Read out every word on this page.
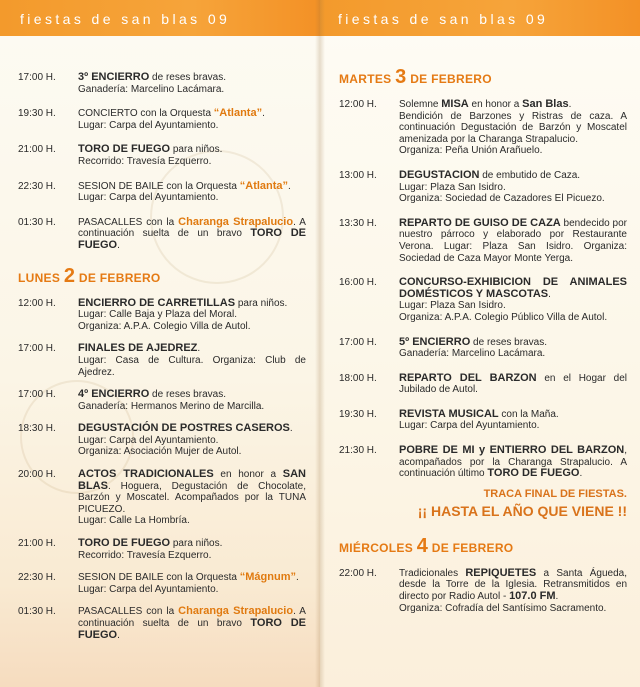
fiestas de san blas 09
17:00 H.	3º ENCIERRO de reses bravas.
Ganadería: Marcelino Lacámara.
19:30 H.	CONCIERTO con la Orquesta “Atlanta”.
Lugar: Carpa del Ayuntamiento.
21:00 H.	TORO DE FUEGO para niños.
Recorrido: Travesía Ezquerro.
22:30 H.	SESION DE BAILE con la Orquesta “Atlanta”.
Lugar: Carpa del Ayuntamiento.
01:30 H.	PASACALLES con la Charanga Strapalucio. A continuación suelta de un bravo TORO DE FUEGO.
LUNES 2 DE FEBRERO
12:00 H.	ENCIERRO DE CARRETILLAS para niños.
Lugar: Calle Baja y Plaza del Moral.
Organiza: A.P.A. Colegio Villa de Autol.
17:00 H.	FINALES DE AJEDREZ.
Lugar: Casa de Cultura. Organiza: Club de Ajedrez.
17:00 H.	4º ENCIERRO de reses bravas.
Ganadería: Hermanos Merino de Marcilla.
18:30 H.	DEGUSTACIÓN DE POSTRES CASEROS.
Lugar: Carpa del Ayuntamiento.
Organiza: Asociación Mujer de Autol.
20:00 H.	ACTOS TRADICIONALES en honor a SAN BLAS. Hoguera, Degustación de Chocolate, Barzón y Moscatel. Acompañados por la TUNA PICUEZO.
Lugar: Calle La Hombría.
21:00 H.	TORO DE FUEGO para niños.
Recorrido: Travesía Ezquerro.
22:30 H.	SESION DE BAILE con la Orquesta “Mágnum”.
Lugar: Carpa del Ayuntamiento.
01:30 H.	PASACALLES con la Charanga Strapalucio. A continuación suelta de un bravo TORO DE FUEGO.
fiestas de san blas 09
MARTES 3 DE FEBRERO
12:00 H.	Solemne MISA en honor a San Blas.
Bendición de Barzones y Ristras de caza. A continuación Degustación de Barzón y Moscatel amenizada por la Charanga Strapalucio.
Organiza: Peña Unión Arañuelo.
13:00 H.	DEGUSTACION de embutido de Caza.
Lugar: Plaza San Isidro.
Organiza: Sociedad de Cazadores El Picuezo.
13:30 H.	REPARTO DE GUISO DE CAZA bendecido por nuestro párroco y elaborado por Restaurante Verona. Lugar: Plaza San Isidro. Organiza: Sociedad de Caza Mayor Monte Yerga.
16:00 H.	CONCURSO-EXHIBICION DE ANIMALES DOMÉSTICOS Y MASCOTAS.
Lugar: Plaza San Isidro.
Organiza: A.P.A. Colegio Público Villa de Autol.
17:00 H.	5º ENCIERRO de reses bravas.
Ganadería: Marcelino Lacámara.
18:00 H.	REPARTO DEL BARZON en el Hogar del Jubilado de Autol.
19:30 H.	REVISTA MUSICAL con la Maña.
Lugar: Carpa del Ayuntamiento.
21:30 H.	POBRE DE MI y ENTIERRO DEL BARZON, acompañados por la Charanga Strapalucio. A continuación último TORO DE FUEGO.
TRACA FINAL DE FIESTAS.
¡¡ HASTA EL AÑO QUE VIENE !!
MIÉRCOLES 4 DE FEBRERO
22:00 H.	Tradicionales REPIQUETES a Santa Águeda, desde la Torre de la Iglesia. Retransmitidos en directo por Radio Autol - 107.0 FM.
Organiza: Cofradía del Santísimo Sacramento.
